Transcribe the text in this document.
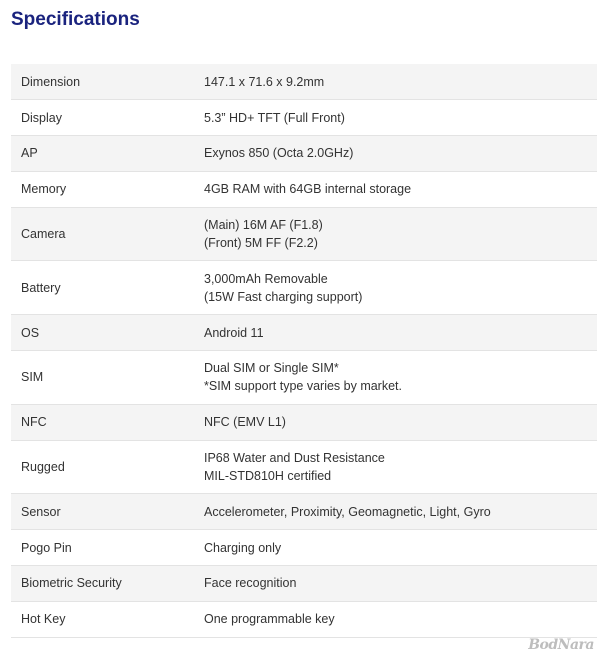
Specifications
Dimension	147.1 x 71.6 x 9.2mm

Display	5.3” HD+ TFT (Full Front)

AP	Exynos 850 (Octa 2.0GHz)

Memory	4GB RAM with 64GB internal storage

Camera	(Main) 16M AF (F1.8)
(Front) 5M FF (F2.2)

Battery	3,000mAh Removable
(15W Fast charging support)

OS	Android 11

SIM	Dual SIM or Single SIM*
*SIM support type varies by market.

NFC	NFC (EMV L1)

Rugged	IP68 Water and Dust Resistance
MIL-STD810H certified

Sensor	Accelerometer, Proximity, Geomagnetic, Light, Gyro

Pogo Pin	Charging only

Biometric Security	Face recognition

Hot Key	One programmable key
BodNara
